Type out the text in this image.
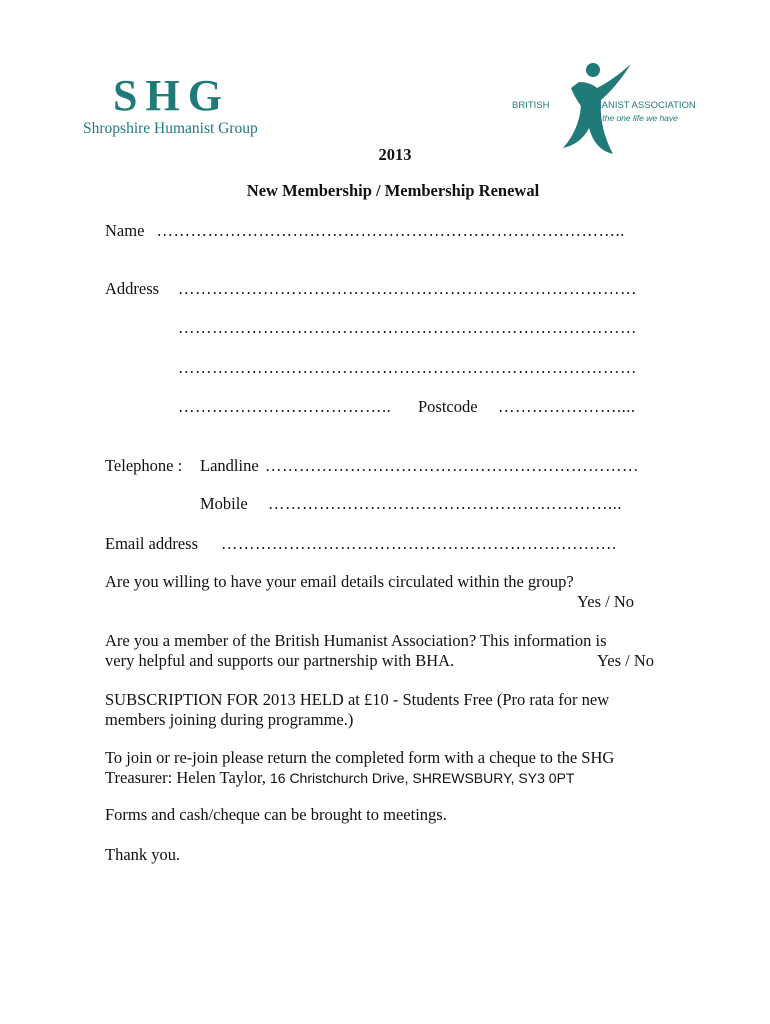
SHG
Shropshire Humanist Group
BRITISH	HUMANIST ASSOCIATION
for the one life we have
2013
New Membership / Membership Renewal
Name ………………………………………………………………………..
Address ………………………………………………………………………
………………………………………………………………………
………………………………………………………………………
……………………………….. Postcode …………………....
Telephone : Landline …………………………………………………………
Mobile ……………………………………………………...
Email address …………………………………………………………….
Are you willing to have your email details circulated within the group?
Yes / No
Are you a member of the British Humanist Association? This information is
very helpful and supports our partnership with BHA.	Yes / No
SUBSCRIPTION FOR 2013 HELD at £10 - Students Free (Pro rata for new
members joining during programme.)
To join or re-join please return the completed form with a cheque to the SHG
Treasurer: Helen Taylor, 16 Christchurch Drive, SHREWSBURY, SY3 0PT
Forms and cash/cheque can be brought to meetings.
Thank you.
